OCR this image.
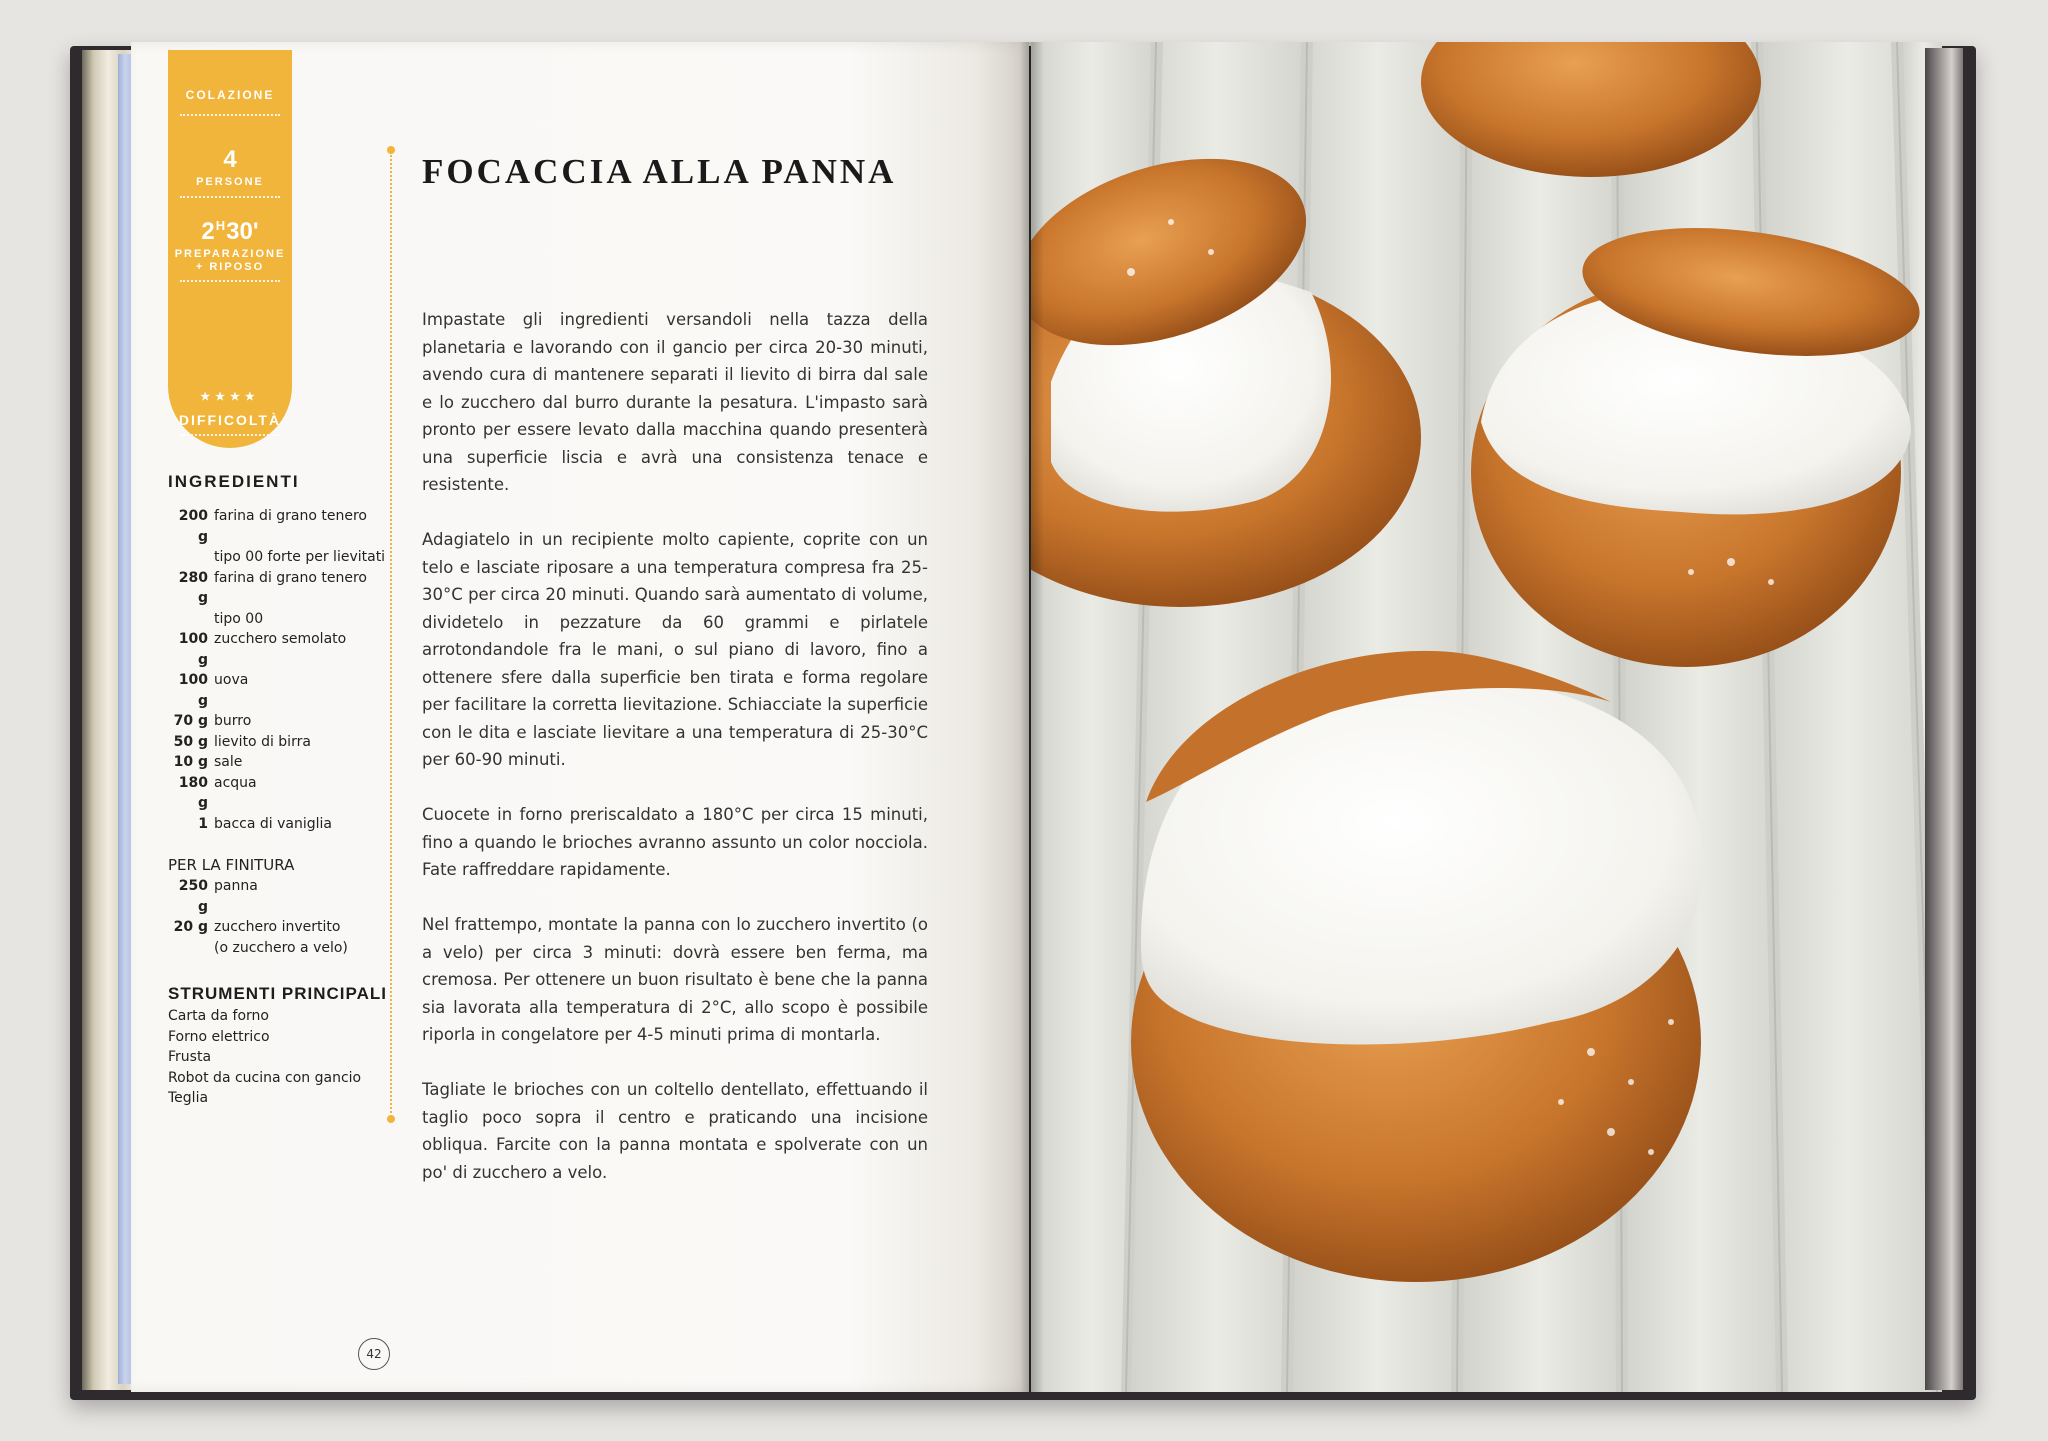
COLAZIONE
4
PERSONE
$2^H30'$
PREPARAZIONE
+ RIPOSO
★★★★
DIFFICOLTÀ
INGREDIENTI
200 g
farina di grano tenero
tipo 00 forte per lievitati
280 g
farina di grano tenero
tipo 00
100 g
zucchero semolato
100 g
uova
70 g burro
50 g lievito di birra
10 g sale
180 g
acqua
1 bacca di vaniglia
PER LA FINITURA
250 g
panna
20 g zucchero invertito
(o zucchero a velo)
STRUMENTI PRINCIPALI
Carta da forno
Forno elettrico
Frusta
Robot da cucina con gancio
Teglia
FOCACCIA ALLA PANNA

Impastate gli ingredienti versandoli nella tazza della planetaria e lavorando con il gancio per circa 20-30 minuti, avendo cura di mantenere separati il lievito di birra dal sale e lo zucchero dal burro durante la pesatura. L'impasto sarà pronto per essere levato dalla macchina quando presenterà una superficie liscia e avrà una consistenza tenace e resistente.

Adagiatelo in un recipiente molto capiente, coprite con un telo e lasciate riposare a una temperatura compresa fra 25-30°C per circa 20 minuti. Quando sarà aumentato di volume, dividetelo in pezzature da 60 grammi e pirlatele arrotondandole fra le mani, o sul piano di lavoro, fino a ottenere sfere dalla superficie ben tirata e forma regolare per facilitare la corretta lievitazione. Schiacciate la superficie con le dita e lasciate lievitare a una temperatura di 25-30°C per 60-90 minuti.

Cuocete in forno preriscaldato a 180°C per circa 15 minuti, fino a quando le brioches avranno assunto un color nocciola. Fate raffreddare rapidamente.

Nel frattempo, montate la panna con lo zucchero invertito (o a velo) per circa 3 minuti: dovrà essere ben ferma, ma cremosa. Per ottenere un buon risultato è bene che la panna sia lavorata alla temperatura di 2°C, allo scopo è possibile riporla in congelatore per 4-5 minuti prima di montarla.

Tagliate le brioches con un coltello dentellato, effettuando il taglio poco sopra il centro e praticando una incisione obliqua. Farcite con la panna montata e spolverate con un po' di zucchero a velo.

42
